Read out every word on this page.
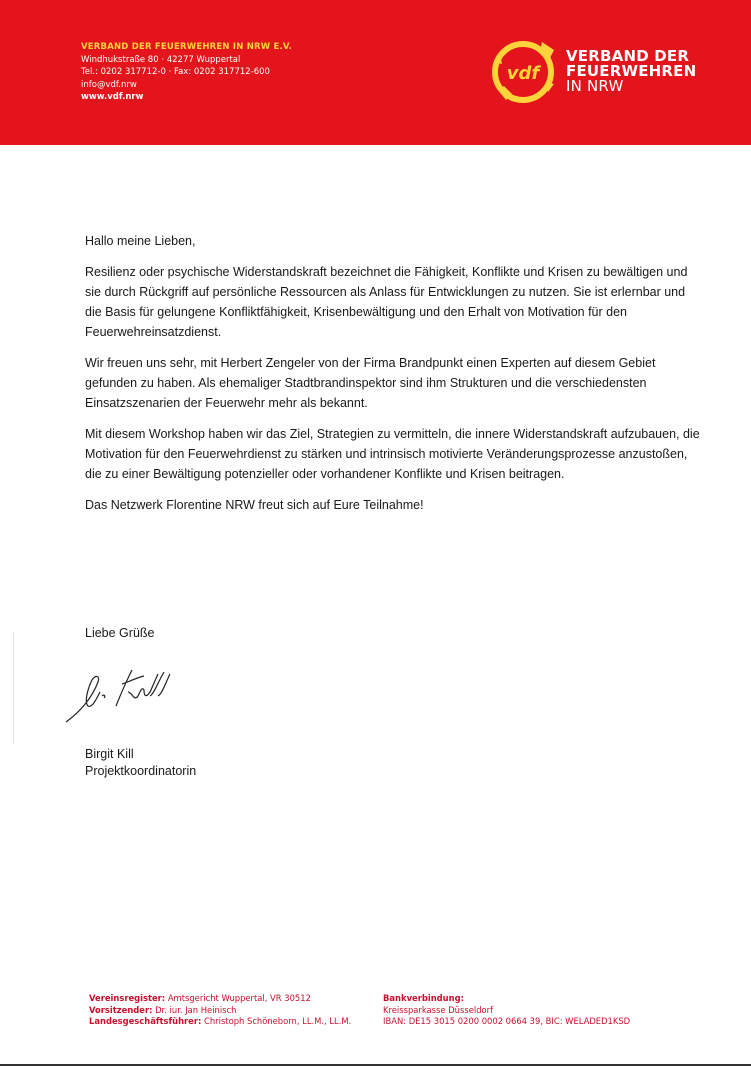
VERBAND DER FEUERWEHREN IN NRW E.V.
Windhukstraße 80 · 42277 Wuppertal
Tel.: 0202 317712-0 · Fax: 0202 317712-600
info@vdf.nrw
www.vdf.nrw
vdf
VERBAND DER
FEUERWEHREN
IN NRW

Hallo meine Lieben,

Resilienz oder psychische Widerstandskraft bezeichnet die Fähigkeit, Konflikte und Krisen zu bewältigen und sie durch Rückgriff auf persönliche Ressourcen als Anlass für Entwicklungen zu nutzen. Sie ist erlernbar und die Basis für gelungene Konfliktfähigkeit, Krisenbewältigung und den Erhalt von Motivation für den Feuerwehreinsatzdienst.

Wir freuen uns sehr, mit Herbert Zengeler von der Firma Brandpunkt einen Experten auf diesem Gebiet gefunden zu haben. Als ehemaliger Stadtbrandinspektor sind ihm Strukturen und die verschiedensten Einsatzszenarien der Feuerwehr mehr als bekannt.

Mit diesem Workshop haben wir das Ziel, Strategien zu vermitteln, die innere Widerstandskraft aufzubauen, die Motivation für den Feuerwehrdienst zu stärken und intrinsisch motivierte Veränderungsprozesse anzustoßen, die zu einer Bewältigung potenzieller oder vorhandener Konflikte und Krisen beitragen.

Das Netzwerk Florentine NRW freut sich auf Eure Teilnahme!

Liebe Grüße
Birgit Kill
Projektkoordinatorin
Vereinsregister: Amtsgericht Wuppertal, VR 30512
Vorsitzender: Dr. iur. Jan Heinisch
Landesgeschäftsführer: Christoph Schöneborn, LL.M., LL.M.
Bankverbindung:
Kreissparkasse Düsseldorf
IBAN: DE15 3015 0200 0002 0664 39, BIC: WELADED1KSD
